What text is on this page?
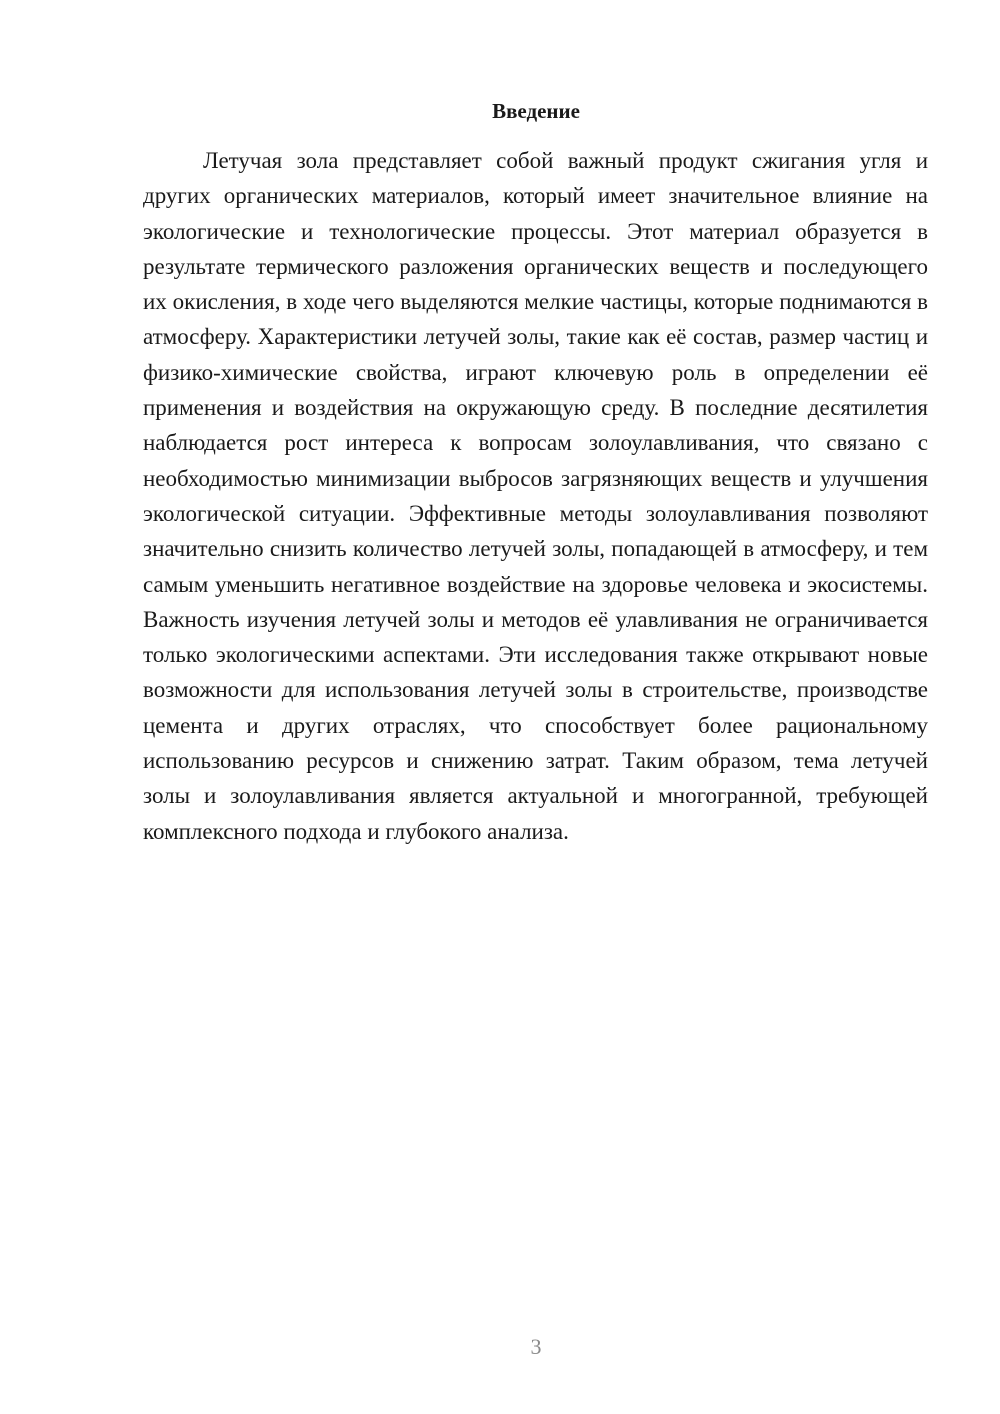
Введение

Летучая зола представляет собой важный продукт сжигания угля и других органических материалов, который имеет значительное влияние на экологические и технологические процессы. Этот материал образуется в результате термического разложения органических веществ и последующего их окисления, в ходе чего выделяются мелкие частицы, которые поднимаются в атмосферу. Характеристики летучей золы, такие как её состав, размер частиц и физико-химические свойства, играют ключевую роль в определении её применения и воздействия на окружающую среду. В последние десятилетия наблюдается рост интереса к вопросам золоулавливания, что связано с необходимостью минимизации выбросов загрязняющих веществ и улучшения экологической ситуации. Эффективные методы золоулавливания позволяют значительно снизить количество летучей золы, попадающей в атмосферу, и тем самым уменьшить негативное воздействие на здоровье человека и экосистемы. Важность изучения летучей золы и методов её улавливания не ограничивается только экологическими аспектами. Эти исследования также открывают новые возможности для использования летучей золы в строительстве, производстве цемента и других отраслях, что способствует более рациональному использованию ресурсов и снижению затрат. Таким образом, тема летучей золы и золоулавливания является актуальной и многогранной, требующей комплексного подхода и глубокого анализа.

3
